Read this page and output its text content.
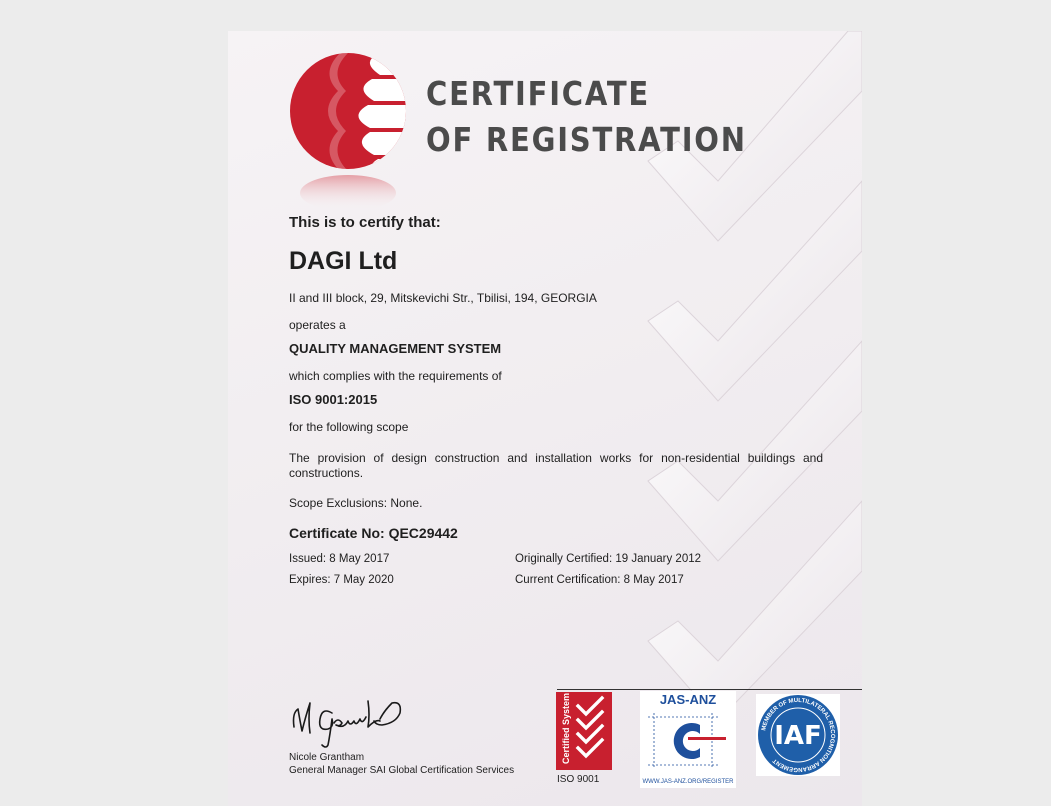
CERTIFICATE
OF REGISTRATION
This is to certify that:
DAGI Ltd
II and III block, 29, Mitskevichi Str., Tbilisi, 194, GEORGIA
operates a
QUALITY MANAGEMENT SYSTEM
which complies with the requirements of
ISO 9001:2015
for the following scope
The provision of design construction and installation works for non-residential buildings and constructions.
Scope Exclusions: None.
Certificate No: QEC29442
Issued: 8 May 2017
Expires: 7 May 2020
Originally Certified: 19 January 2012
Current Certification: 8 May 2017
Nicole Grantham
General Manager SAI Global Certification Services
Certified System
ISO 9001
JAS-ANZ
WWW.JAS-ANZ.ORG/REGISTER
MEMBER OF MULTILATERAL RECOGNITION ARRANGEMENT
IAF
